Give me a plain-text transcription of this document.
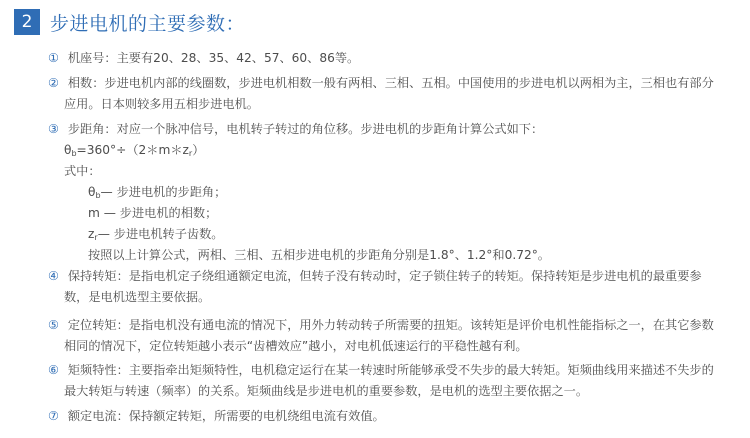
2 步进电机的主要参数：
① 机座号：主要有20、28、35、42、57、60、86等。
② 相数：步进电机内部的线圈数，步进电机相数一般有两相、三相、五相。中国使用的步进电机以两相为主，三相也有部分
应用。日本则较多用五相步进电机。
③ 步距角：对应一个脉冲信号，电机转子转过的角位移。步进电机的步距角计算公式如下：
$\theta_b=360^\circ\div(2*m*z_r)$
式中：
$\theta_b—$ 步进电机的步距角；
m — 步进电机的相数；
$z_r—$ 步进电机转子齿数。
按照以上计算公式，两相、三相、五相步进电机的步距角分别是1.8°、1.2°和0.72°。
④ 保持转矩：是指电机定子绕组通额定电流，但转子没有转动时，定子锁住转子的转矩。保持转矩是步进电机的最重要参
数，是电机选型主要依据。
⑤ 定位转矩：是指电机没有通电流的情况下，用外力转动转子所需要的扭矩。该转矩是评价电机性能指标之一，在其它参数
相同的情况下，定位转矩越小表示“齿槽效应”越小，对电机低速运行的平稳性越有利。
⑥ 矩频特性：主要指牵出矩频特性，电机稳定运行在某一转速时所能够承受不失步的最大转矩。矩频曲线用来描述不失步的
最大转矩与转速（频率）的关系。矩频曲线是步进电机的重要参数，是电机的选型主要依据之一。
⑦ 额定电流：保持额定转矩，所需要的电机绕组电流有效值。
